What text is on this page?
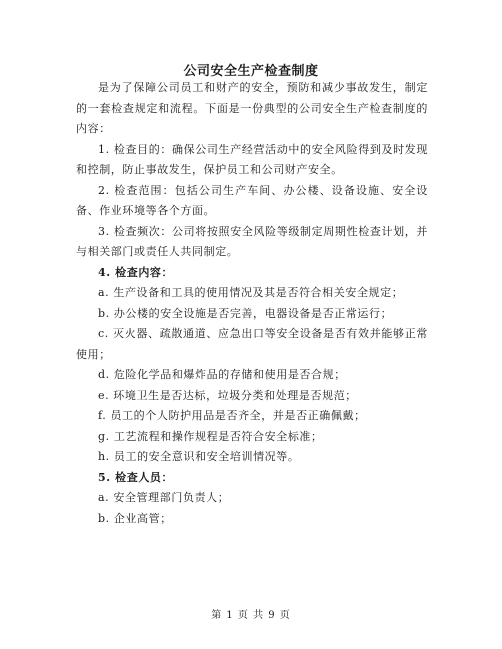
公司安全生产检查制度

是为了保障公司员工和财产的安全，预防和减少事故发生，制定的一套检查规定和流程。下面是一份典型的公司安全生产检查制度的内容：

1. 检查目的：确保公司生产经营活动中的安全风险得到及时发现和控制，防止事故发生，保护员工和公司财产安全。

2. 检查范围：包括公司生产车间、办公楼、设备设施、安全设备、作业环境等各个方面。

3. 检查频次：公司将按照安全风险等级制定周期性检查计划，并与相关部门或责任人共同制定。

4. 检查内容：

a. 生产设备和工具的使用情况及其是否符合相关安全规定；

b. 办公楼的安全设施是否完善，电器设备是否正常运行；

c. 灭火器、疏散通道、应急出口等安全设备是否有效并能够正常使用；

d. 危险化学品和爆炸品的存储和使用是否合规；

e. 环境卫生是否达标，垃圾分类和处理是否规范；

f. 员工的个人防护用品是否齐全，并是否正确佩戴；

g. 工艺流程和操作规程是否符合安全标准；

h. 员工的安全意识和安全培训情况等。

5. 检查人员：

a. 安全管理部门负责人；

b. 企业高管；

第 1 页 共 9 页
